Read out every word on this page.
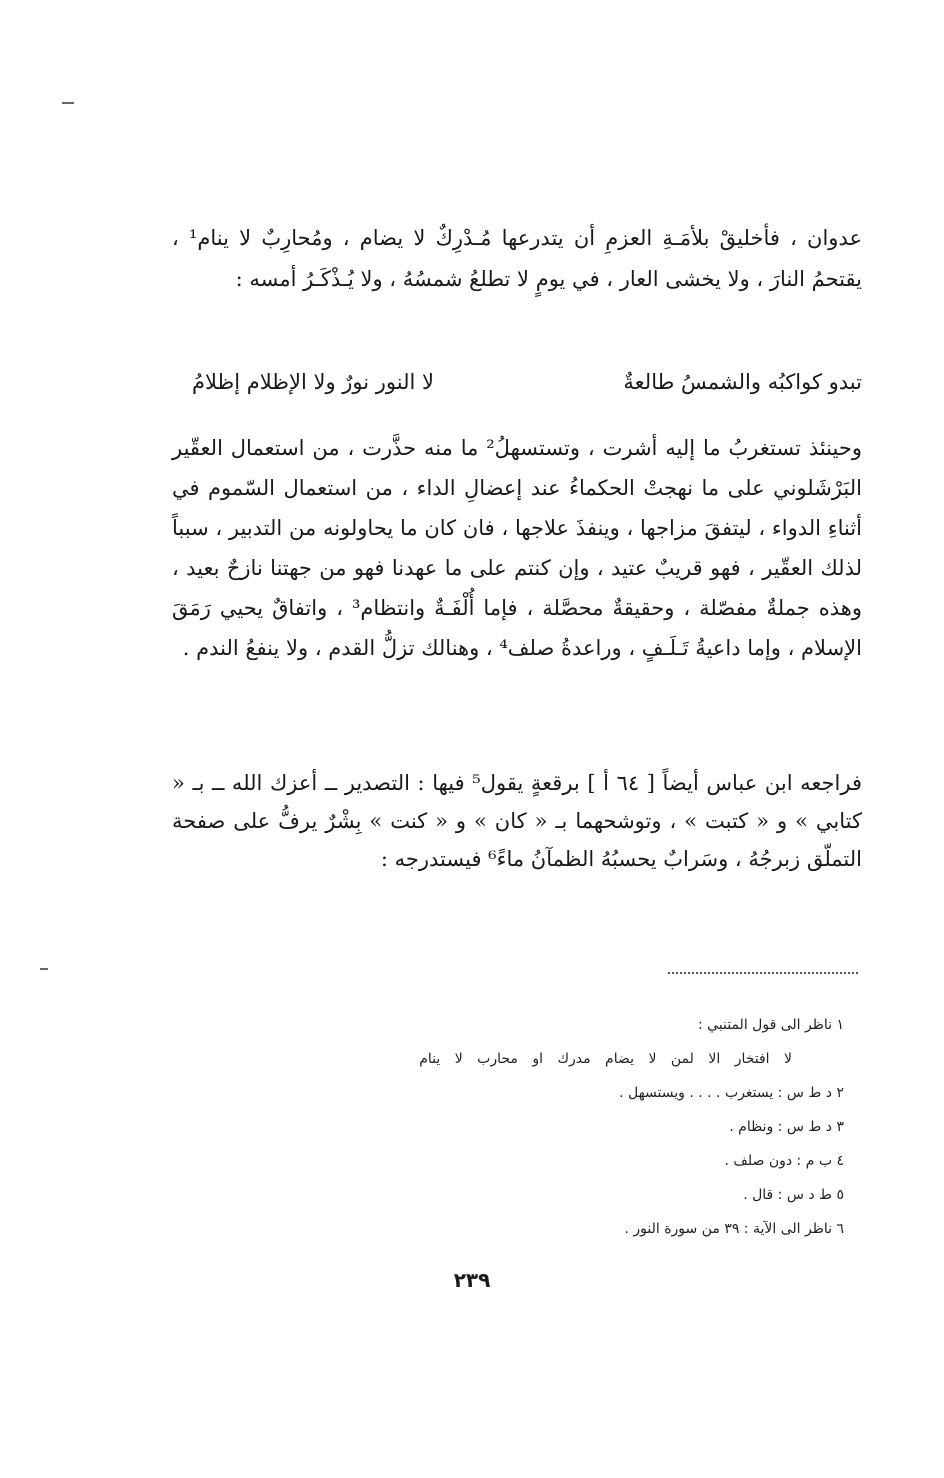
عدوان ، فأخليقْ بلأمَـةِ العزمِ أن يتدرعها مُـدْرِكٌ لا يضام ، ومُحارِبٌ لا ينام¹ ، يقتحمُ النارَ ، ولا يخشى العار ، في يومٍ لا تطلعُ شمسُهُ ، ولا يُـذْكَـرُ أمسه :

تبدو كواكبُه والشمسُ طالعةٌ
لا النور نورٌ ولا الإظلام إظلامُ

وحينئذ تستغربُ ما إليه أشرت ، وتستسهلُ² ما منه حذَّرت ، من استعمال العقّير البَرْشَلوني على ما نهجتْ الحكماءُ عند إعضالِ الداء ، من استعمال السّموم في أثناءِ الدواء ، ليتفقَ مزاجها ، وينفذَ علاجها ، فان كان ما يحاولونه من التدبير ، سبباً لذلك العقّير ، فهو قريبٌ عتيد ، وإن كنتم على ما عهدنا فهو من جهتنا نازحٌ بعيد ، وهذه جملةٌ مفصّلة ، وحقيقةٌ محصَّلة ، فإما أُلْفَـةٌ وانتظام³ ، واتفاقٌ يحيي رَمَقَ الإسلام ، وإما داعيةُ تَـلَـفٍ ، وراعدةُ صلف⁴ ، وهنالك تزلُّ القدم ، ولا ينفعُ الندم .

فراجعه ابن عباس أيضاً [ ٦٤ أ ] برقعةٍ يقول⁵ فيها : التصدير ــ أعزك الله ــ بـ « كتابي » و « كتبت » ، وتوشحهما بـ « كان » و « كنت » بِشْرٌ يرفُّ على صفحة التملّق زبرجُهُ ، وسَرابٌ يحسبُهُ الظمآنُ ماءً⁶ فيستدرجه :

١ ناظر الى قول المتنبي :
لا افتخار الا لمن لا يضام مدرك او محارب لا ينام
٢ د ط س : يستغرب . . . . ويستسهل .
٣ د ط س : ونظام .
٤ ب م : دون صلف .
٥ ط د س : قال .
٦ ناظر الى الآية : ٣٩ من سورة النور .
٢٣٩
